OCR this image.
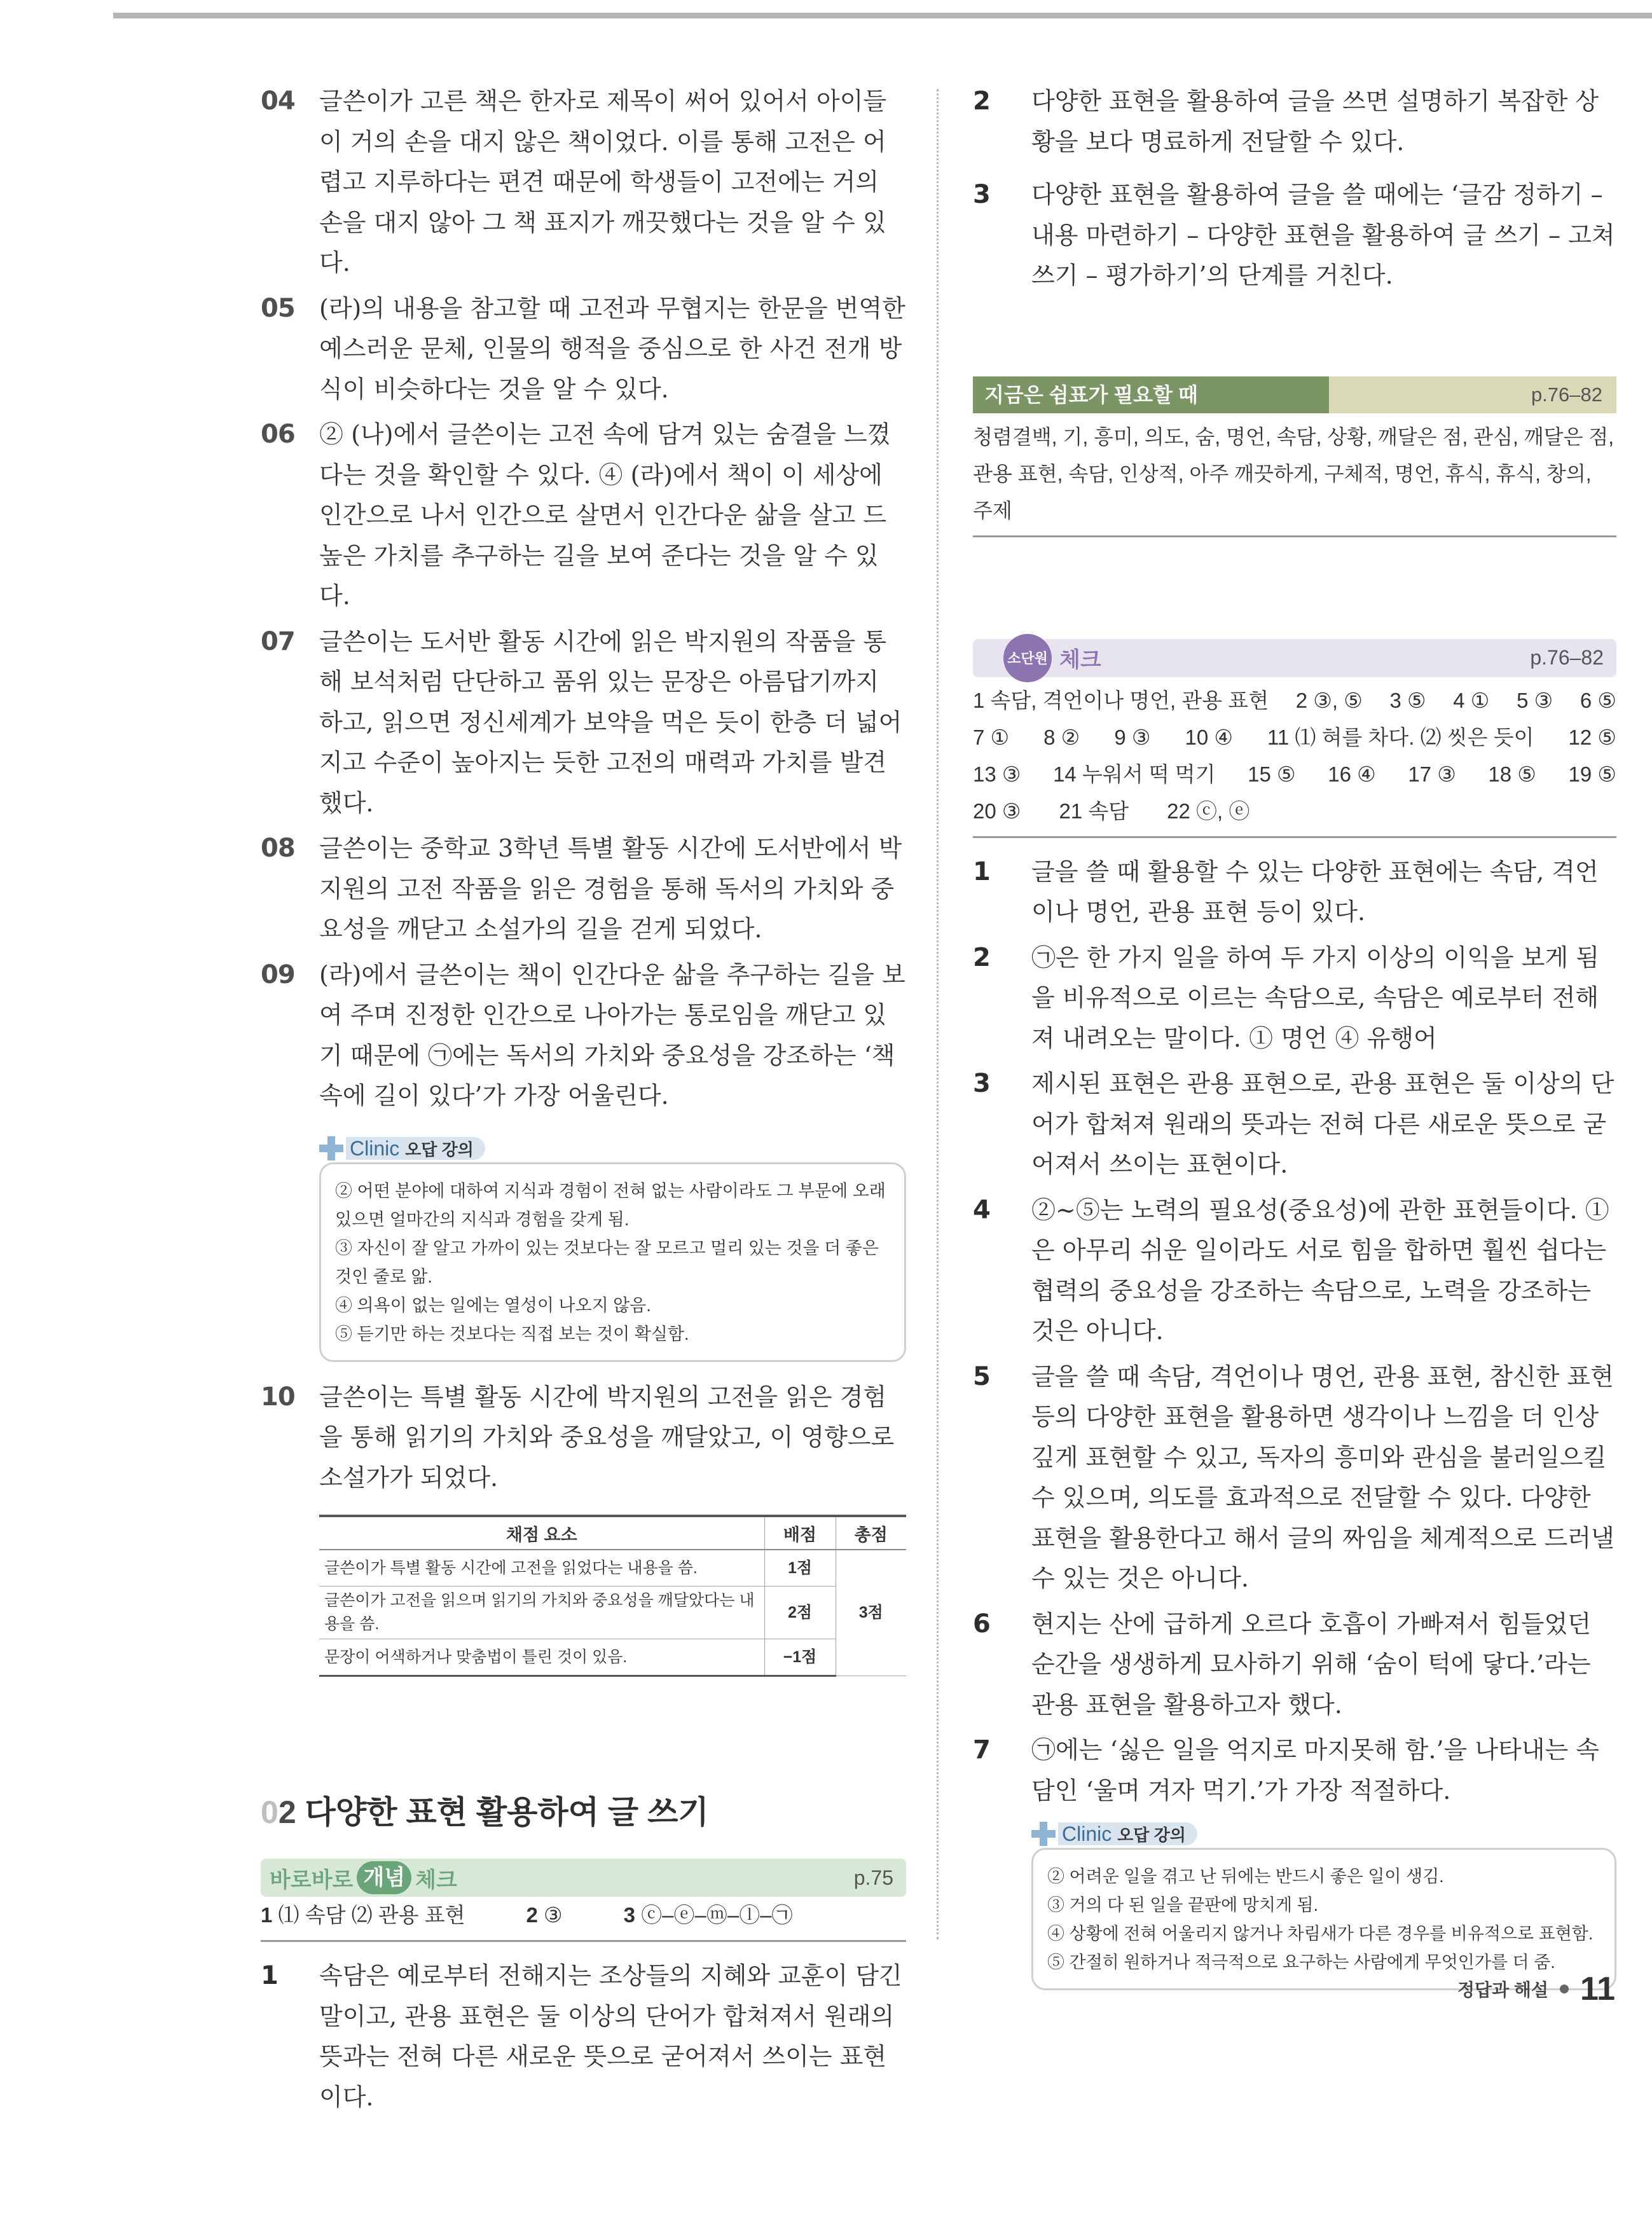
04 글쓴이가 고른 책은 한자로 제목이 써어 있어서 아이들이 거의 손을 대지 않은 책이었다. 이를 통해 고전은 어렵고 지루하다는 편견 때문에 학생들이 고전에는 거의 손을 대지 않아 그 책 표지가 깨끗했다는 것을 알 수 있다.
05 (라)의 내용을 참고할 때 고전과 무협지는 한문을 번역한 예스러운 문체, 인물의 행적을 중심으로 한 사건 전개 방식이 비슷하다는 것을 알 수 있다.
06 ② (나)에서 글쓴이는 고전 속에 담겨 있는 숨결을 느꼈다는 것을 확인할 수 있다. ④ (라)에서 책이 이 세상에 인간으로 나서 인간으로 살면서 인간다운 삶을 살고 드높은 가치를 추구하는 길을 보여 준다는 것을 알 수 있다.
07 글쓴이는 도서반 활동 시간에 읽은 박지원의 작품을 통해 보석처럼 단단하고 품위 있는 문장은 아름답기까지 하고, 읽으면 정신세계가 보약을 먹은 듯이 한층 더 넓어지고 수준이 높아지는 듯한 고전의 매력과 가치를 발견했다.
08 글쓴이는 중학교 3학년 특별 활동 시간에 도서반에서 박지원의 고전 작품을 읽은 경험을 통해 독서의 가치와 중요성을 깨닫고 소설가의 길을 걷게 되었다.
09 (라)에서 글쓴이는 책이 인간다운 삶을 추구하는 길을 보여 주며 진정한 인간으로 나아가는 통로임을 깨닫고 있기 때문에 ㉠에는 독서의 가치와 중요성을 강조하는 ‘책 속에 길이 있다’가 가장 어울린다.
Clinic 오답 강의
② 어떤 분야에 대하여 지식과 경험이 전혀 없는 사람이라도 그 부문에 오래 있으면 얼마간의 지식과 경험을 갖게 됨.
③ 자신이 잘 알고 가까이 있는 것보다는 잘 모르고 멀리 있는 것을 더 좋은 것인 줄로 앎.
④ 의욕이 없는 일에는 열성이 나오지 않음.
⑤ 듣기만 하는 것보다는 직접 보는 것이 확실함.
10 글쓴이는 특별 활동 시간에 박지원의 고전을 읽은 경험을 통해 읽기의 가치와 중요성을 깨달았고, 이 영향으로 소설가가 되었다.
채점 요소	배점	총점
글쓴이가 특별 활동 시간에 고전을 읽었다는 내용을 씀.	1점	3점
글쓴이가 고전을 읽으며 읽기의 가치와 중요성을 깨달았다는 내용을 씀.	2점	
문장이 어색하거나 맞춤법이 틀린 것이 있음.	−1점	
02 다양한 표현 활용하여 글 쓰기
바로바로 개념 체크	p.75
1 ⑴ 속담 ⑵ 관용 표현	2 ③	3 ⓒ–ⓔ–ⓜ–ⓛ–㉠
1 속담은 예로부터 전해지는 조상들의 지혜와 교훈이 담긴 말이고, 관용 표현은 둘 이상의 단어가 합쳐져서 원래의 뜻과는 전혀 다른 새로운 뜻으로 굳어져서 쓰이는 표현이다.
2 다양한 표현을 활용하여 글을 쓰면 설명하기 복잡한 상황을 보다 명료하게 전달할 수 있다.
3 다양한 표현을 활용하여 글을 쓸 때에는 ‘글감 정하기 – 내용 마련하기 – 다양한 표현을 활용하여 글 쓰기 – 고쳐쓰기 – 평가하기’의 단계를 거친다.
지금은 쉼표가 필요할 때	p.76–82
청렴결백, 기, 흥미, 의도, 숨, 명언, 속담, 상황, 깨달은 점, 관심, 깨달은 점, 관용 표현, 속담, 인상적, 아주 깨끗하게, 구체적, 명언, 휴식, 휴식, 창의, 주제
소단원 체크	p.76–82
1 속담, 격언이나 명언, 관용 표현 2 ③, ⑤ 3 ⑤ 4 ① 5 ③ 6 ⑤
7 ① 8 ② 9 ③ 10 ④ 11 ⑴ 혀를 차다. ⑵ 씻은 듯이 12 ⑤
13 ③ 14 누워서 떡 먹기 15 ⑤ 16 ④ 17 ③ 18 ⑤ 19 ⑤
20 ③ 21 속담 22 ⓒ, ⓔ
1 글을 쓸 때 활용할 수 있는 다양한 표현에는 속담, 격언이나 명언, 관용 표현 등이 있다.
2 ㉠은 한 가지 일을 하여 두 가지 이상의 이익을 보게 됨을 비유적으로 이르는 속담으로, 속담은 예로부터 전해져 내려오는 말이다. ① 명언 ④ 유행어
3 제시된 표현은 관용 표현으로, 관용 표현은 둘 이상의 단어가 합쳐져 원래의 뜻과는 전혀 다른 새로운 뜻으로 굳어져서 쓰이는 표현이다.
4 ②~⑤는 노력의 필요성(중요성)에 관한 표현들이다. ①은 아무리 쉬운 일이라도 서로 힘을 합하면 훨씬 쉽다는 협력의 중요성을 강조하는 속담으로, 노력을 강조하는 것은 아니다.
5 글을 쓸 때 속담, 격언이나 명언, 관용 표현, 참신한 표현 등의 다양한 표현을 활용하면 생각이나 느낌을 더 인상 깊게 표현할 수 있고, 독자의 흥미와 관심을 불러일으킬 수 있으며, 의도를 효과적으로 전달할 수 있다. 다양한 표현을 활용한다고 해서 글의 짜임을 체계적으로 드러낼 수 있는 것은 아니다.
6 현지는 산에 급하게 오르다 호흡이 가빠져서 힘들었던 순간을 생생하게 묘사하기 위해 ‘숨이 턱에 닿다.’라는 관용 표현을 활용하고자 했다.
7 ㉠에는 ‘싫은 일을 억지로 마지못해 함.’을 나타내는 속담인 ‘울며 겨자 먹기.’가 가장 적절하다.
Clinic 오답 강의
② 어려운 일을 겪고 난 뒤에는 반드시 좋은 일이 생김.
③ 거의 다 된 일을 끝판에 망치게 됨.
④ 상황에 전혀 어울리지 않거나 차림새가 다른 경우를 비유적으로 표현함.
⑤ 간절히 원하거나 적극적으로 요구하는 사람에게 무엇인가를 더 줌.
정답과 해설 11
